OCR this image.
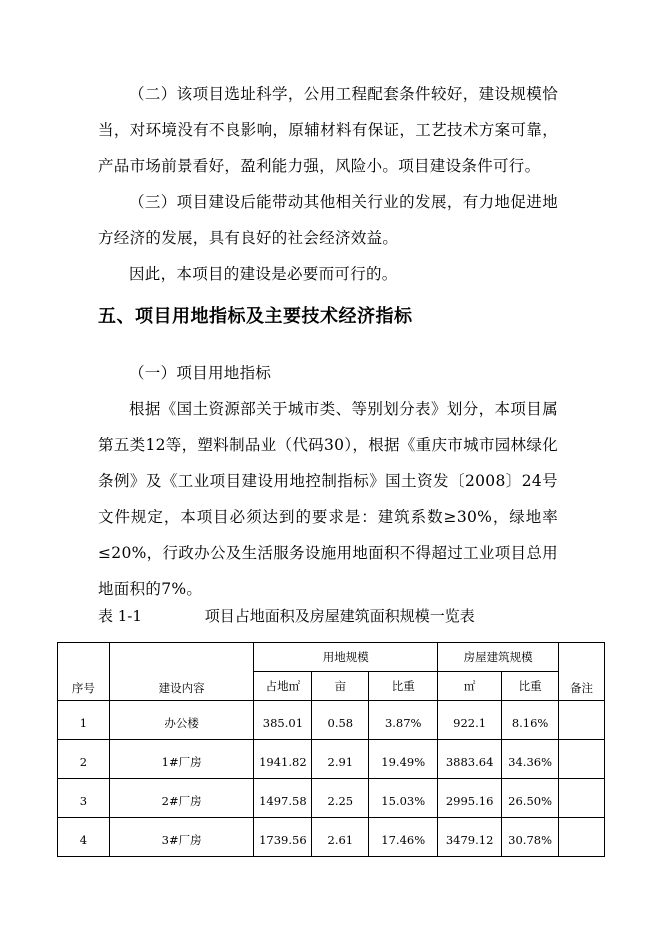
（二）该项目选址科学，公用工程配套条件较好，建设规模恰当，对环境没有不良影响，原辅材料有保证，工艺技术方案可靠，产品市场前景看好，盈利能力强，风险小。项目建设条件可行。

（三）项目建设后能带动其他相关行业的发展，有力地促进地方经济的发展，具有良好的社会经济效益。

因此，本项目的建设是必要而可行的。

五、项目用地指标及主要技术经济指标

（一）项目用地指标

根据《国土资源部关于城市类、等别划分表》划分，本项目属第五类12等，塑料制品业（代码30），根据《重庆市城市园林绿化条例》及《工业项目建设用地控制指标》国土资发〔2008〕24号文件规定，本项目必须达到的要求是：建筑系数≥30%，绿地率≤20%，行政办公及生活服务设施用地面积不得超过工业项目总用地面积的7%。

表 1-1	项目占地面积及房屋建筑面积规模一览表

序号	建设内容	用地规模			房屋建筑规模		备注
		占地㎡	亩	比重	㎡	比重	
1	办公楼	385.01	0.58	3.87%	922.1	8.16%	
2	1#厂房	1941.82	2.91	19.49%	3883.64	34.36%	
3	2#厂房	1497.58	2.25	15.03%	2995.16	26.50%	
4	3#厂房	1739.56	2.61	17.46%	3479.12	30.78%	
